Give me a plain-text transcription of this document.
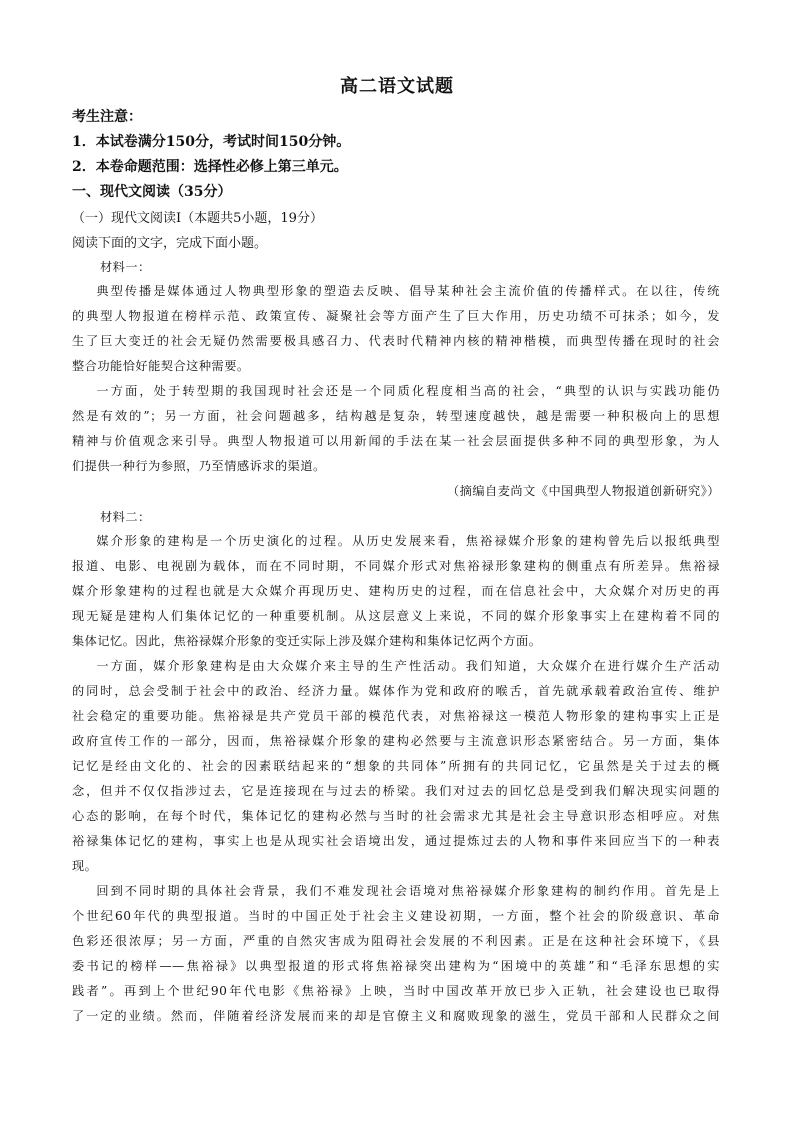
高二语文试题
考生注意：
1．本试卷满分150分，考试时间150分钟。
2．本卷命题范围：选择性必修上第三单元。
一、现代文阅读（35分）
（一）现代文阅读Ⅰ（本题共5小题，19分）
阅读下面的文字，完成下面小题。
材料一：
典型传播是媒体通过人物典型形象的塑造去反映、倡导某种社会主流价值的传播样式。在以往，传统
的典型人物报道在榜样示范、政策宣传、凝聚社会等方面产生了巨大作用，历史功绩不可抹杀；如今，发
生了巨大变迁的社会无疑仍然需要极具感召力、代表时代精神内核的精神楷模，而典型传播在现时的社会
整合功能恰好能契合这种需要。
一方面，处于转型期的我国现时社会还是一个同质化程度相当高的社会，“典型的认识与实践功能仍
然是有效的”；另一方面，社会问题越多，结构越是复杂，转型速度越快，越是需要一种积极向上的思想
精神与价值观念来引导。典型人物报道可以用新闻的手法在某一社会层面提供多种不同的典型形象，为人
们提供一种行为参照，乃至情感诉求的渠道。
（摘编自麦尚文《中国典型人物报道创新研究》）
材料二：
媒介形象的建构是一个历史演化的过程。从历史发展来看，焦裕禄媒介形象的建构曾先后以报纸典型
报道、电影、电视剧为载体，而在不同时期，不同媒介形式对焦裕禄形象建构的侧重点有所差异。焦裕禄
媒介形象建构的过程也就是大众媒介再现历史、建构历史的过程，而在信息社会中，大众媒介对历史的再
现无疑是建构人们集体记忆的一种重要机制。从这层意义上来说，不同的媒介形象事实上在建构着不同的
集体记忆。因此，焦裕禄媒介形象的变迁实际上涉及媒介建构和集体记忆两个方面。
一方面，媒介形象建构是由大众媒介来主导的生产性活动。我们知道，大众媒介在进行媒介生产活动
的同时，总会受制于社会中的政治、经济力量。媒体作为党和政府的喉舌，首先就承载着政治宣传、维护
社会稳定的重要功能。焦裕禄是共产党员干部的模范代表，对焦裕禄这一模范人物形象的建构事实上正是
政府宣传工作的一部分，因而，焦裕禄媒介形象的建构必然要与主流意识形态紧密结合。另一方面，集体
记忆是经由文化的、社会的因素联结起来的“想象的共同体”所拥有的共同记忆，它虽然是关于过去的概
念，但并不仅仅指涉过去，它是连接现在与过去的桥梁。我们对过去的回忆总是受到我们解决现实问题的
心态的影响，在每个时代，集体记忆的建构必然与当时的社会需求尤其是社会主导意识形态相呼应。对焦
裕禄集体记忆的建构，事实上也是从现实社会语境出发，通过提炼过去的人物和事件来回应当下的一种表
现。
回到不同时期的具体社会背景，我们不难发现社会语境对焦裕禄媒介形象建构的制约作用。首先是上
个世纪60年代的典型报道。当时的中国正处于社会主义建设初期，一方面，整个社会的阶级意识、革命
色彩还很浓厚；另一方面，严重的自然灾害成为阻碍社会发展的不利因素。正是在这种社会环境下，《县
委书记的榜样——焦裕禄》以典型报道的形式将焦裕禄突出建构为“困境中的英雄”和“毛泽东思想的实
践者”。再到上个世纪90年代电影《焦裕禄》上映，当时中国改革开放已步入正轨，社会建设也已取得
了一定的业绩。然而，伴随着经济发展而来的却是官僚主义和腐败现象的滋生，党员干部和人民群众之间
